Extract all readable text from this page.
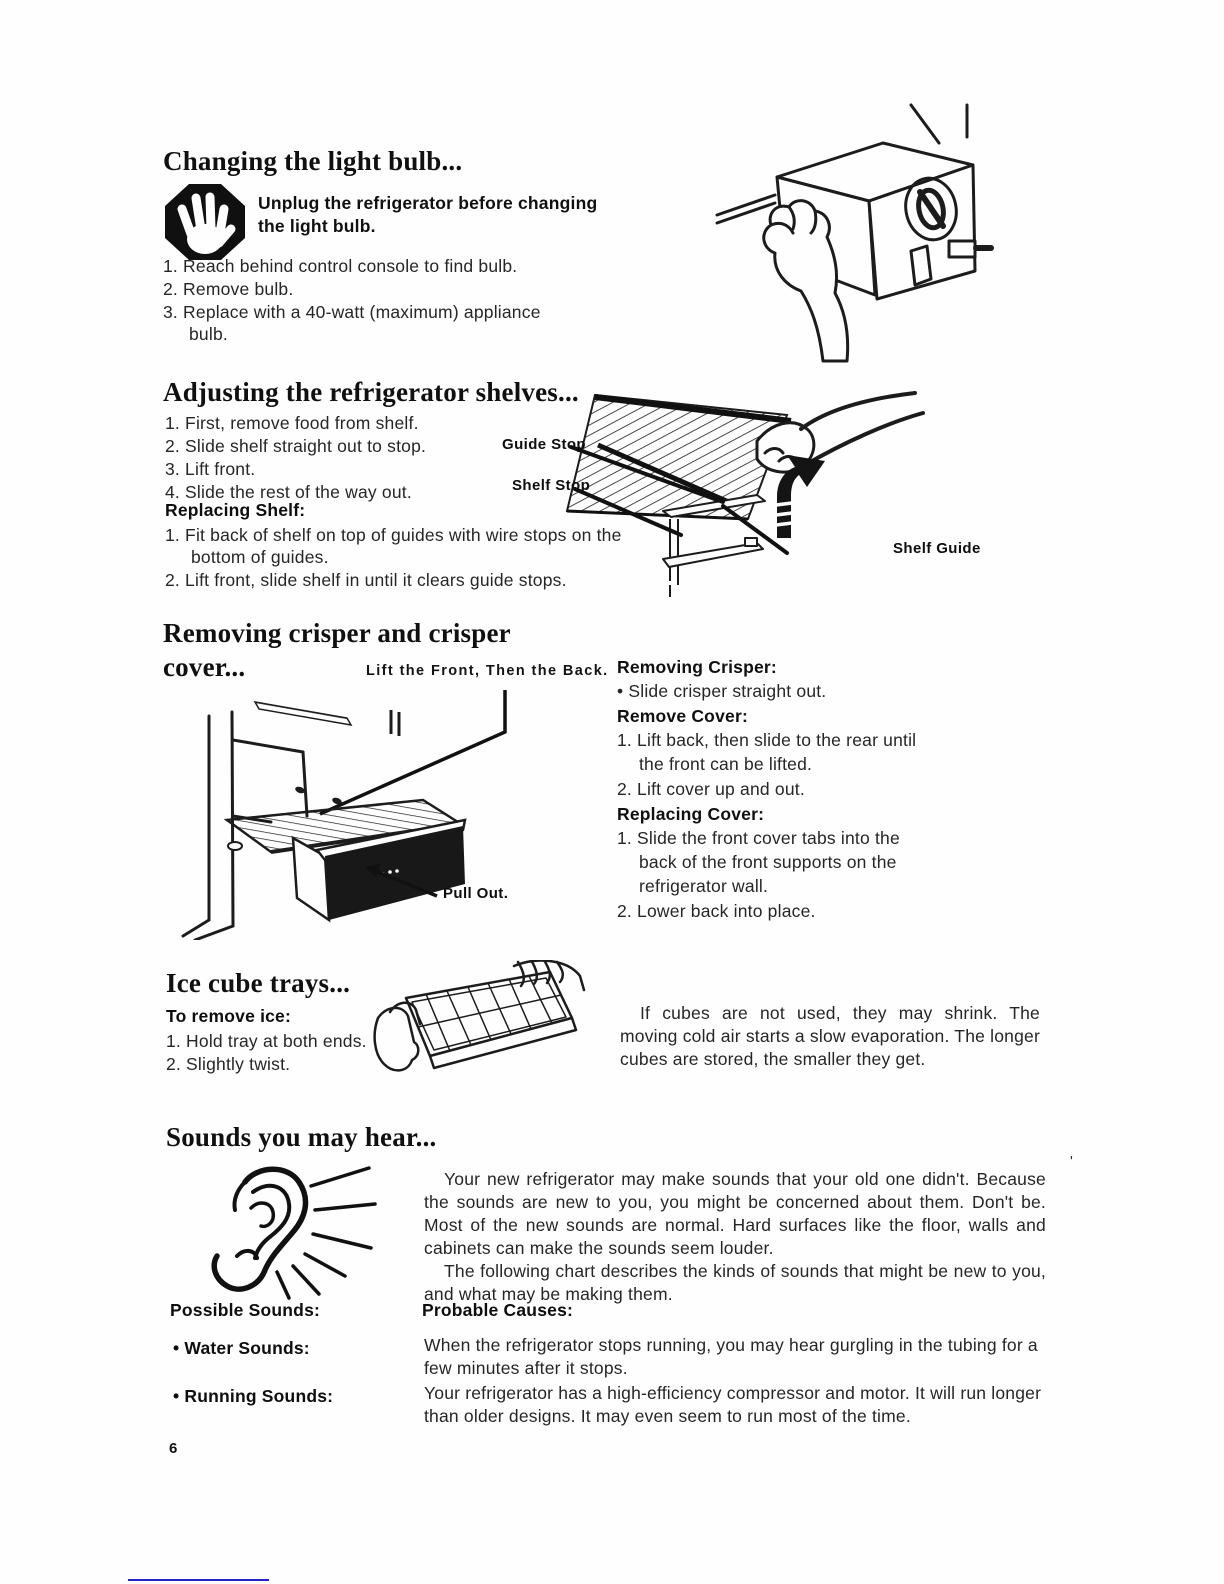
Changing the light bulb...
Unplug the refrigerator before changing the light bulb.
1. Reach behind control console to find bulb.
2. Remove bulb.
3. Replace with a 40-watt (maximum) appliance bulb.
Adjusting the refrigerator shelves...
1. First, remove food from shelf.
2. Slide shelf straight out to stop.
3. Lift front.
4. Slide the rest of the way out.
Replacing Shelf:
1. Fit back of shelf on top of guides with wire stops on the bottom of guides.
2. Lift front, slide shelf in until it clears guide stops.
Guide Stop
Shelf Stop
Shelf Guide
Removing crisper and crisper
cover...	Lift the Front, Then the Back.
Pull Out.
Removing Crisper:
• Slide crisper straight out.
Remove Cover:
1. Lift back, then slide to the rear until the front can be lifted.
2. Lift cover up and out.
Replacing Cover:
1. Slide the front cover tabs into the back of the front supports on the refrigerator wall.
2. Lower back into place.
Ice cube trays...
To remove ice:
1. Hold tray at both ends.
2. Slightly twist.
If cubes are not used, they may shrink. The moving cold air starts a slow evaporation. The longer cubes are stored, the smaller they get.
Sounds you may hear...
Your new refrigerator may make sounds that your old one didn't. Because the sounds are new to you, you might be concerned about them. Don't be. Most of the new sounds are normal. Hard surfaces like the floor, walls and cabinets can make the sounds seem louder.
The following chart describes the kinds of sounds that might be new to you, and what may be making them.
'
Possible Sounds:	Probable Causes:
• Water Sounds:	When the refrigerator stops running, you may hear gurgling in the tubing for a few minutes after it stops.
• Running Sounds:	Your refrigerator has a high-efficiency compressor and motor. It will run longer than older designs. It may even seem to run most of the time.
6
